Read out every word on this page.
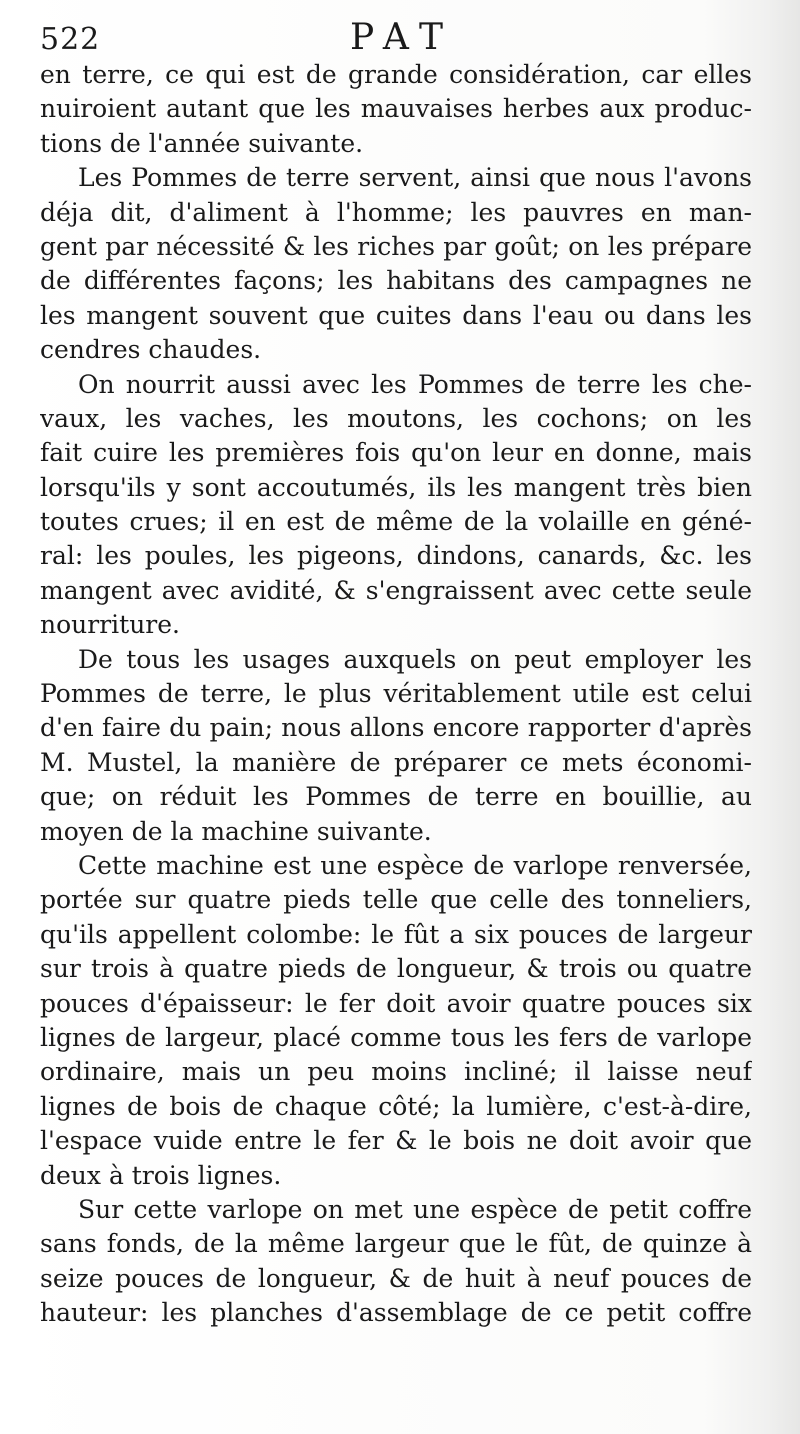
522	PAT
en terre, ce qui est de grande considération, car elles
nuiroient autant que les mauvaises herbes aux produc-
tions de l'année suivante.
Les Pommes de terre servent, ainsi que nous l'avons
déja dit, d'aliment à l'homme; les pauvres en man-
gent par nécessité & les riches par goût; on les prépare
de différentes façons; les habitans des campagnes ne
les mangent souvent que cuites dans l'eau ou dans les
cendres chaudes.
On nourrit aussi avec les Pommes de terre les che-
vaux, les vaches, les moutons, les cochons; on les
fait cuire les premières fois qu'on leur en donne, mais
lorsqu'ils y sont accoutumés, ils les mangent très bien
toutes crues; il en est de même de la volaille en géné-
ral: les poules, les pigeons, dindons, canards, &c. les
mangent avec avidité, & s'engraissent avec cette seule
nourriture.
De tous les usages auxquels on peut employer les
Pommes de terre, le plus véritablement utile est celui
d'en faire du pain; nous allons encore rapporter d'après
M. Mustel, la manière de préparer ce mets économi-
que; on réduit les Pommes de terre en bouillie, au
moyen de la machine suivante.
Cette machine est une espèce de varlope renversée,
portée sur quatre pieds telle que celle des tonneliers,
qu'ils appellent colombe: le fût a six pouces de largeur
sur trois à quatre pieds de longueur, & trois ou quatre
pouces d'épaisseur: le fer doit avoir quatre pouces six
lignes de largeur, placé comme tous les fers de varlope
ordinaire, mais un peu moins incliné; il laisse neuf
lignes de bois de chaque côté; la lumière, c'est-à-dire,
l'espace vuide entre le fer & le bois ne doit avoir que
deux à trois lignes.
Sur cette varlope on met une espèce de petit coffre
sans fonds, de la même largeur que le fût, de quinze à
seize pouces de longueur, & de huit à neuf pouces de
hauteur: les planches d'assemblage de ce petit coffre
